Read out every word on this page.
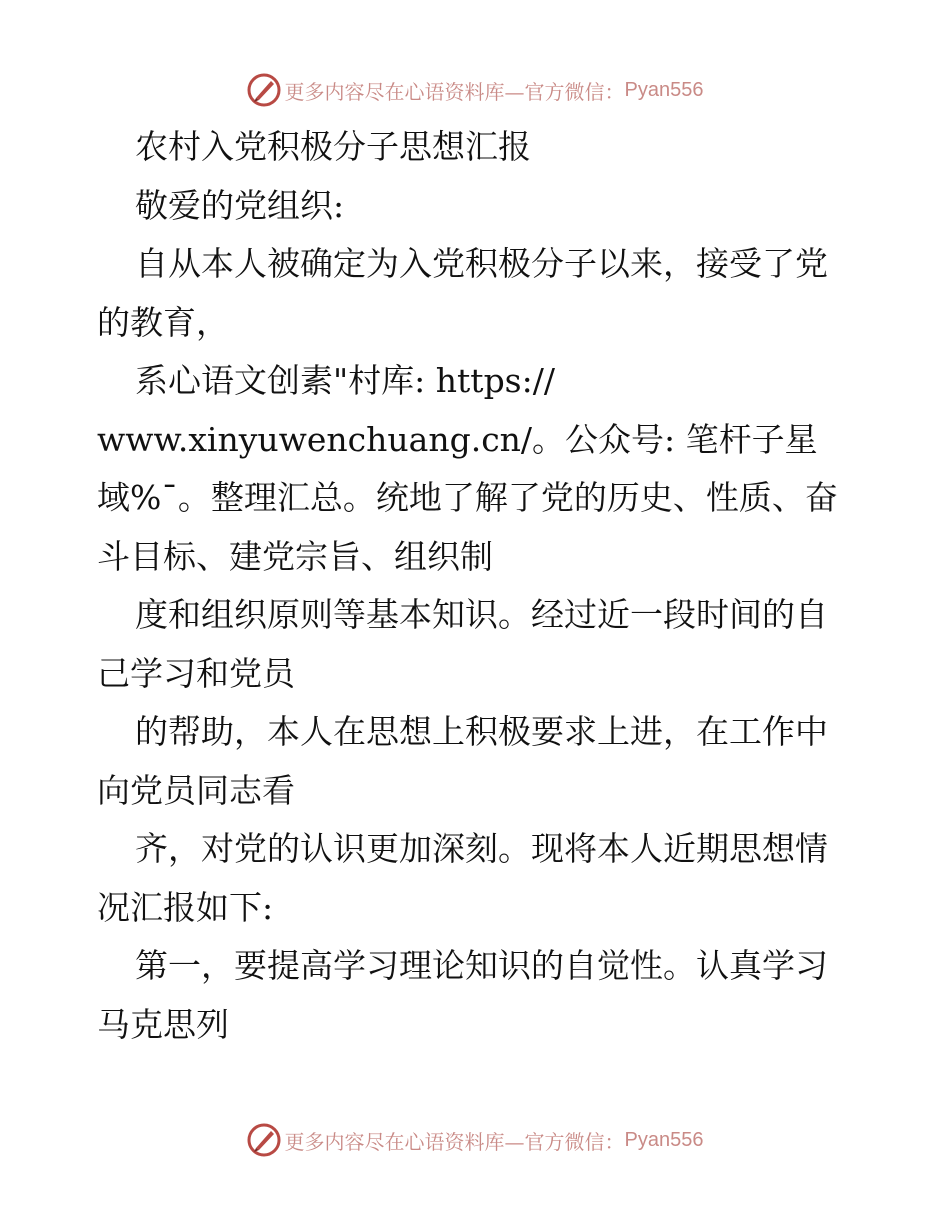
更多内容尽在心语资料库—官方微信： Pyan556

农村入党积极分子思想汇报

敬爱的党组织:

自从本人被确定为入党积极分子以来，接受了党

的教育，

系心语文创素"村库: https://

www.xinyuwenchuang.cn/。公众号: 笔杆子星

域%¯。整理汇总。统地了解了党的历史、性质、奋

斗目标、建党宗旨、组织制

度和组织原则等基本知识。经过近一段时间的自

己学习和党员

的帮助，本人在思想上积极要求上进，在工作中

向党员同志看

齐，对党的认识更加深刻。现将本人近期思想情

况汇报如下:

第一，要提高学习理论知识的自觉性。认真学习

马克思列

更多内容尽在心语资料库—官方微信： Pyan556
